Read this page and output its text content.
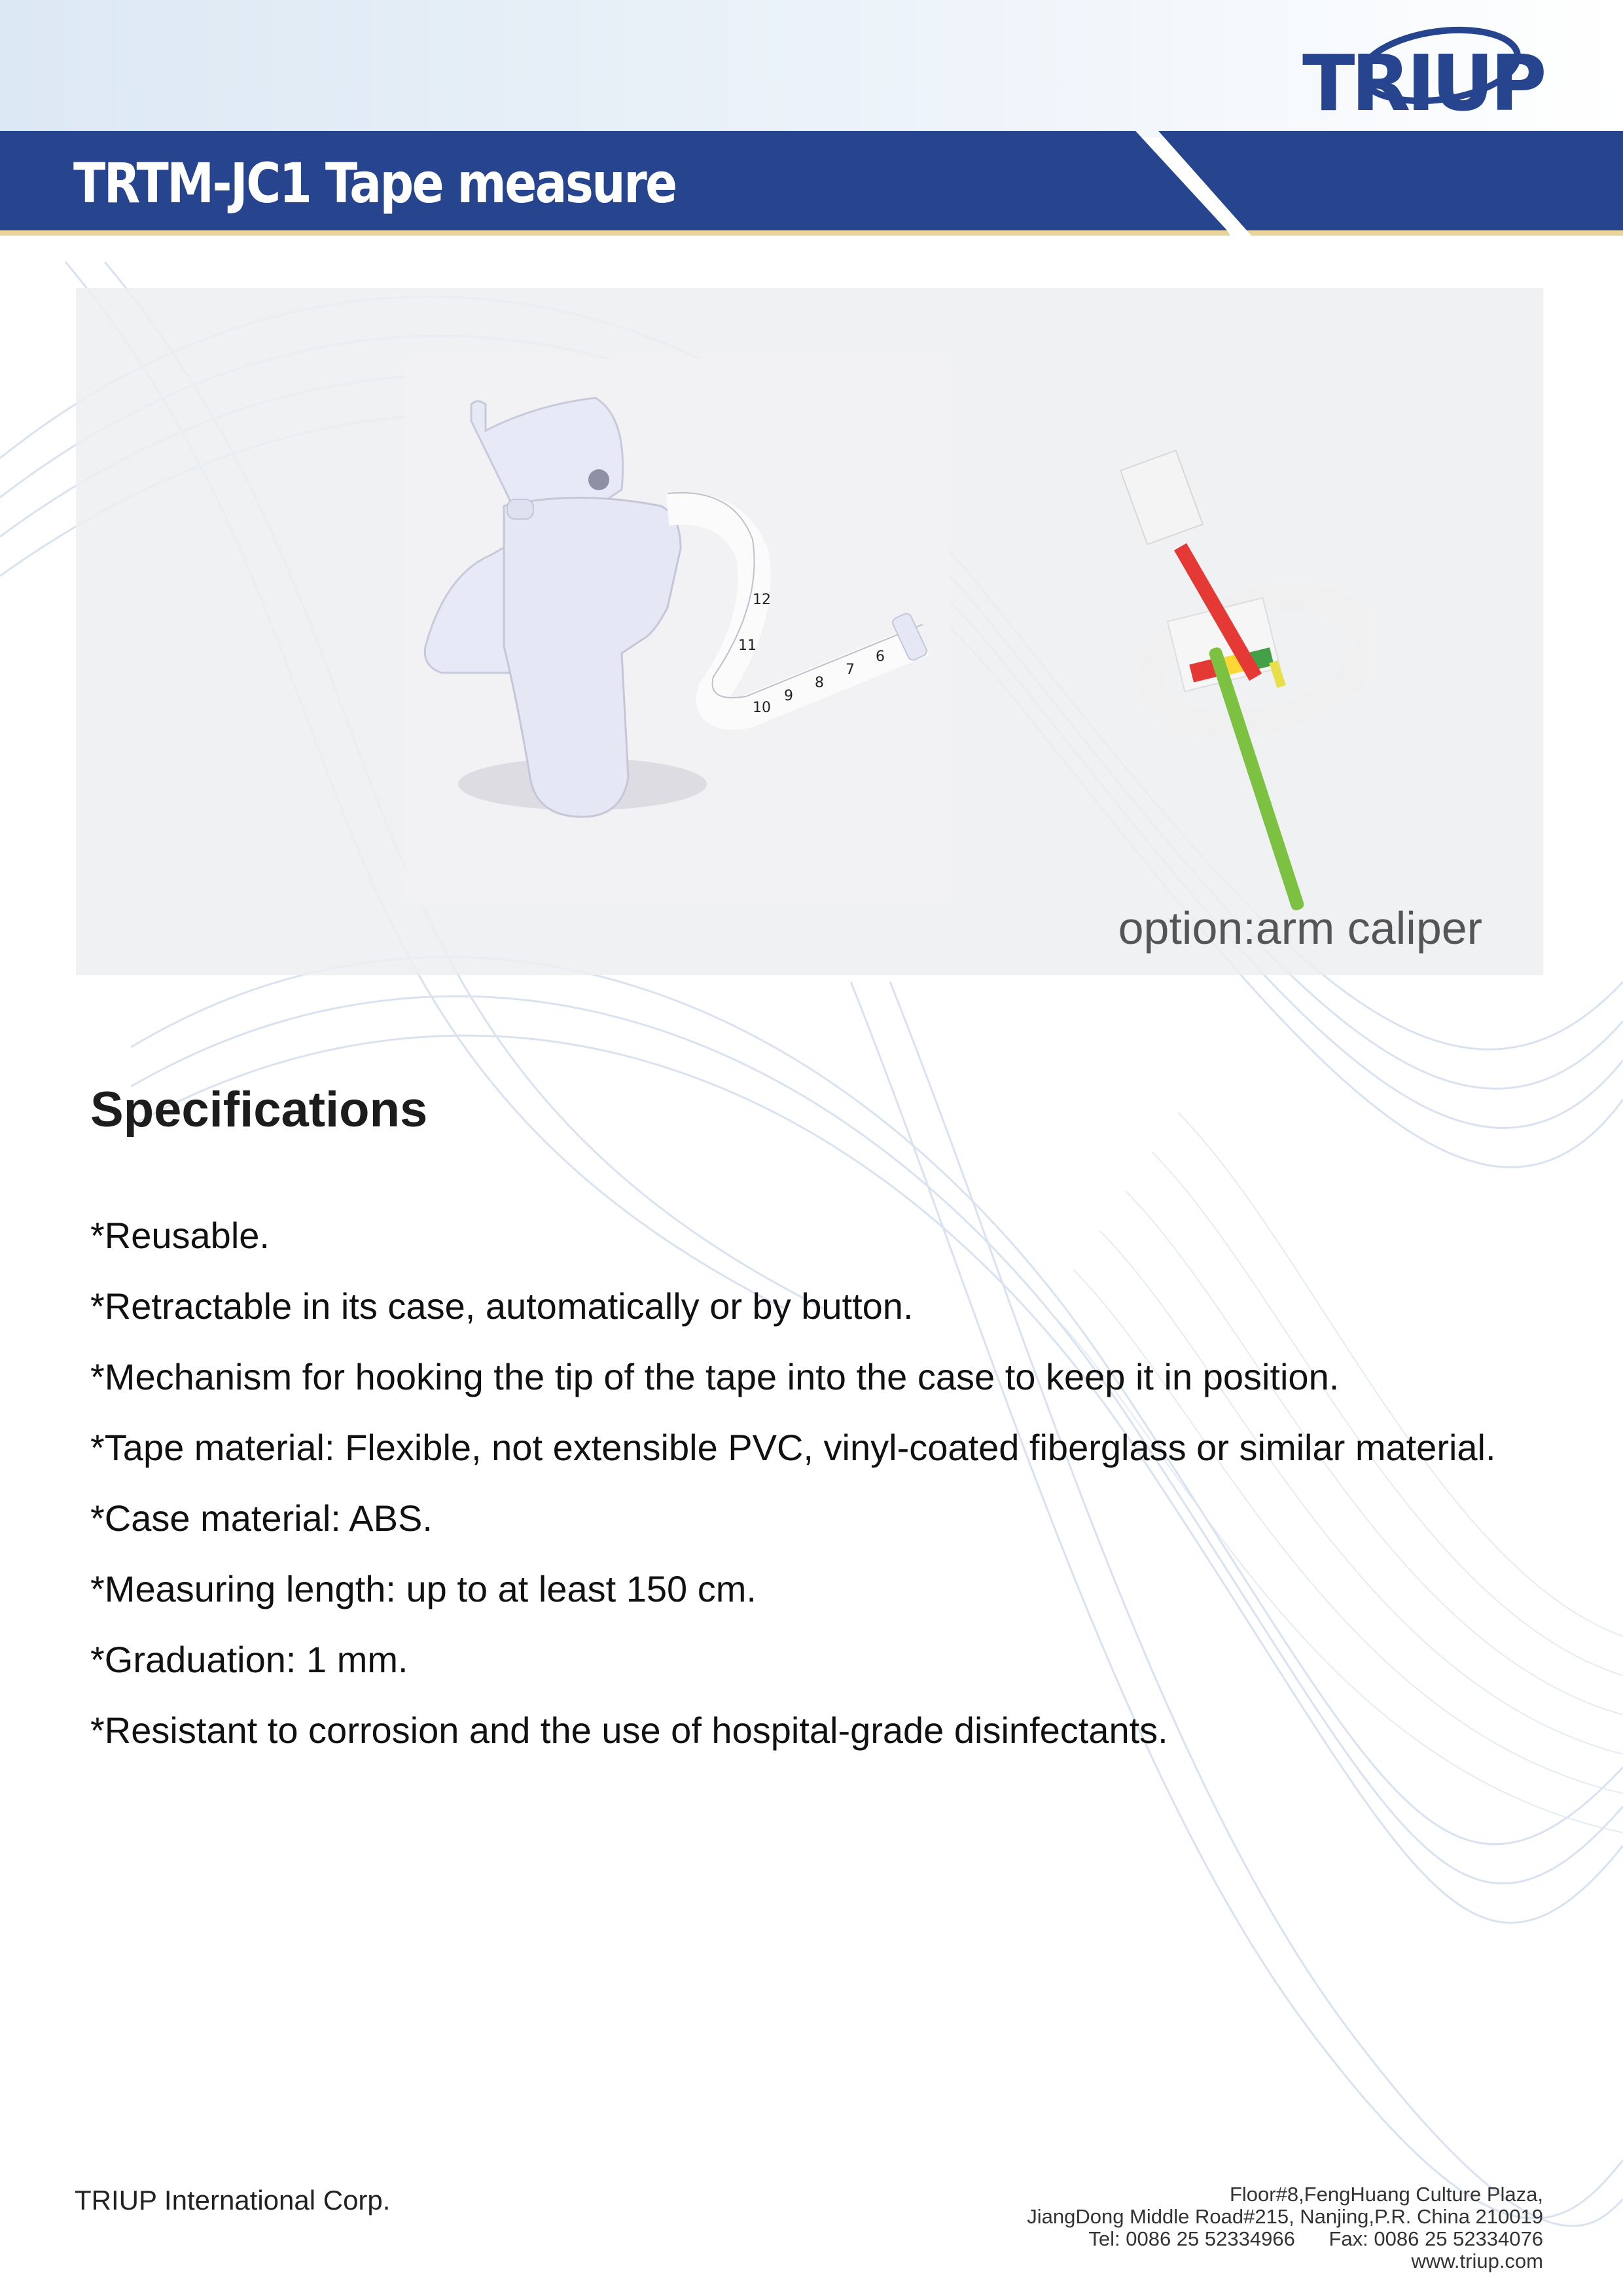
TRTM-JC1 Tape measure
TRIUP
12
11
10
9
8
7
6
option:arm caliper
Specifications
*Reusable.
*Retractable in its case, automatically or by button.
*Mechanism for hooking the tip of the tape into the case to keep it in position.
*Tape material: Flexible, not extensible PVC, vinyl-coated fiberglass or similar material.
*Case material: ABS.
*Measuring length: up to at least 150 cm.
*Graduation: 1 mm.
*Resistant to corrosion and the use of hospital-grade disinfectants.
TRIUP International Corp.	Floor#8,FengHuang Culture Plaza,
JiangDong Middle Road#215, Nanjing,P.R. China 210019
Tel: 0086 25 52334966      Fax: 0086 25 52334076
www.triup.com
